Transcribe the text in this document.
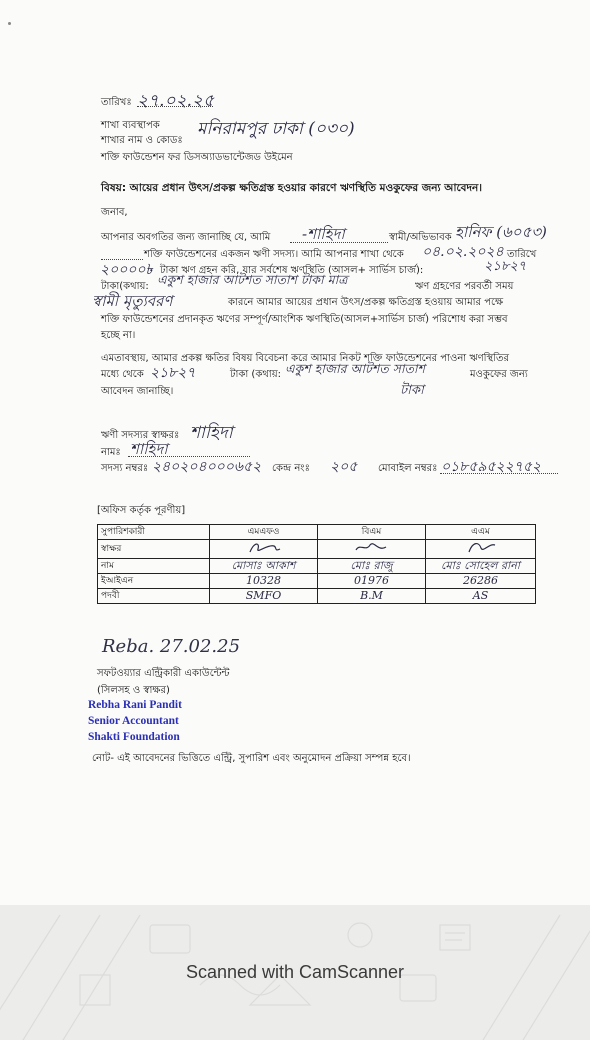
তারিখঃ ২৭.০২.২৫
শাখা ব্যবস্থাপক
শাখার নাম ও কোডঃ
মনিরামপুর ঢাকা (০৩০)
শক্তি ফাউন্ডেশন ফর ডিসঅ্যাডভান্টেজড উইমেন
বিষয়: আয়ের প্রধান উৎস/প্রকল্প ক্ষতিগ্রস্ত হওয়ার কারণে ঋণস্থিতি মওকুফের জন্য আবেদন।
জনাব,
আপনার অবগতির জন্য জানাচ্ছি যে, আমি -শাহিদা	স্বামী/অভিভাবক হানিফ (৬০৫৩)
শক্তি ফাউন্ডেশনের একজন ঋণী সদস্য। আমি আপনার শাখা থেকে ০৪.০২.২০২৪ তারিখে
২০০০০৳ টাকা ঋণ গ্রহন করি, যার সর্বশেষ ঋণস্থিতি (আসল+ সার্ভিস চার্জ):	২১৮২৭
টাকা(কথায়: একুশ হাজার আটশত সাতাশ টাকা মাত্র	ঋণ গ্রহণের পরবর্তী সময়
স্বামী মৃত্যুবরণ	কারনে আমার আয়ের প্রধান উৎস/প্রকল্প ক্ষতিগ্রস্ত হওয়ায় আমার পক্ষে
শক্তি ফাউন্ডেশনের প্রদানকৃত ঋণের সম্পূর্ণ/আংশিক ঋণস্থিতি(আসল+সার্ভিস চার্জ) পরিশোধ করা সম্ভব
হচ্ছে না।
এমতাবস্থায়, আমার প্রকল্প ক্ষতির বিষয় বিবেচনা করে আমার নিকট শক্তি ফাউন্ডেশনের পাওনা ঋণস্থিতির
মধ্যে থেকে ২১৮২৭	টাকা (কথায়: একুশ হাজার আটশত সাতাশ	মওকুফের জন্য
টাকা
আবেদন জানাচ্ছি।
ঋণী সদস্যর স্বাক্ষরঃ শাহিদা
নামঃ শাহিদা
সদস্য নম্বরঃ ২৪০২০৪০০০৬৫২ কেন্দ্র নংঃ ২০৫ মোবাইল নম্বরঃ ০১৮৫৯৫২২৭৫২
[অফিস কর্তৃক পূরণীয়]
সুপারিশকারী	এমএফও	বিএম	এএম
স্বাক্ষর			
নাম	মোসাঃ আকাশ	মোঃ রাজু	মোঃ সোহেল রানা
ইআইএন	10328	01976	26286
পদবী	SMFO	B.M	AS
Reba. 27.02.25
সফটওয়্যার এন্ট্রিকারী একাউন্টেন্ট
(সিলসহ ও স্বাক্ষর)
Rebha Rani Pandit
Senior Accountant
Shakti Foundation
নোট- এই আবেদনের ভিত্তিতে এন্ট্রি, সুপারিশ এবং অনুমোদন প্রক্রিয়া সম্পন্ন হবে।
Scanned with CamScanner
